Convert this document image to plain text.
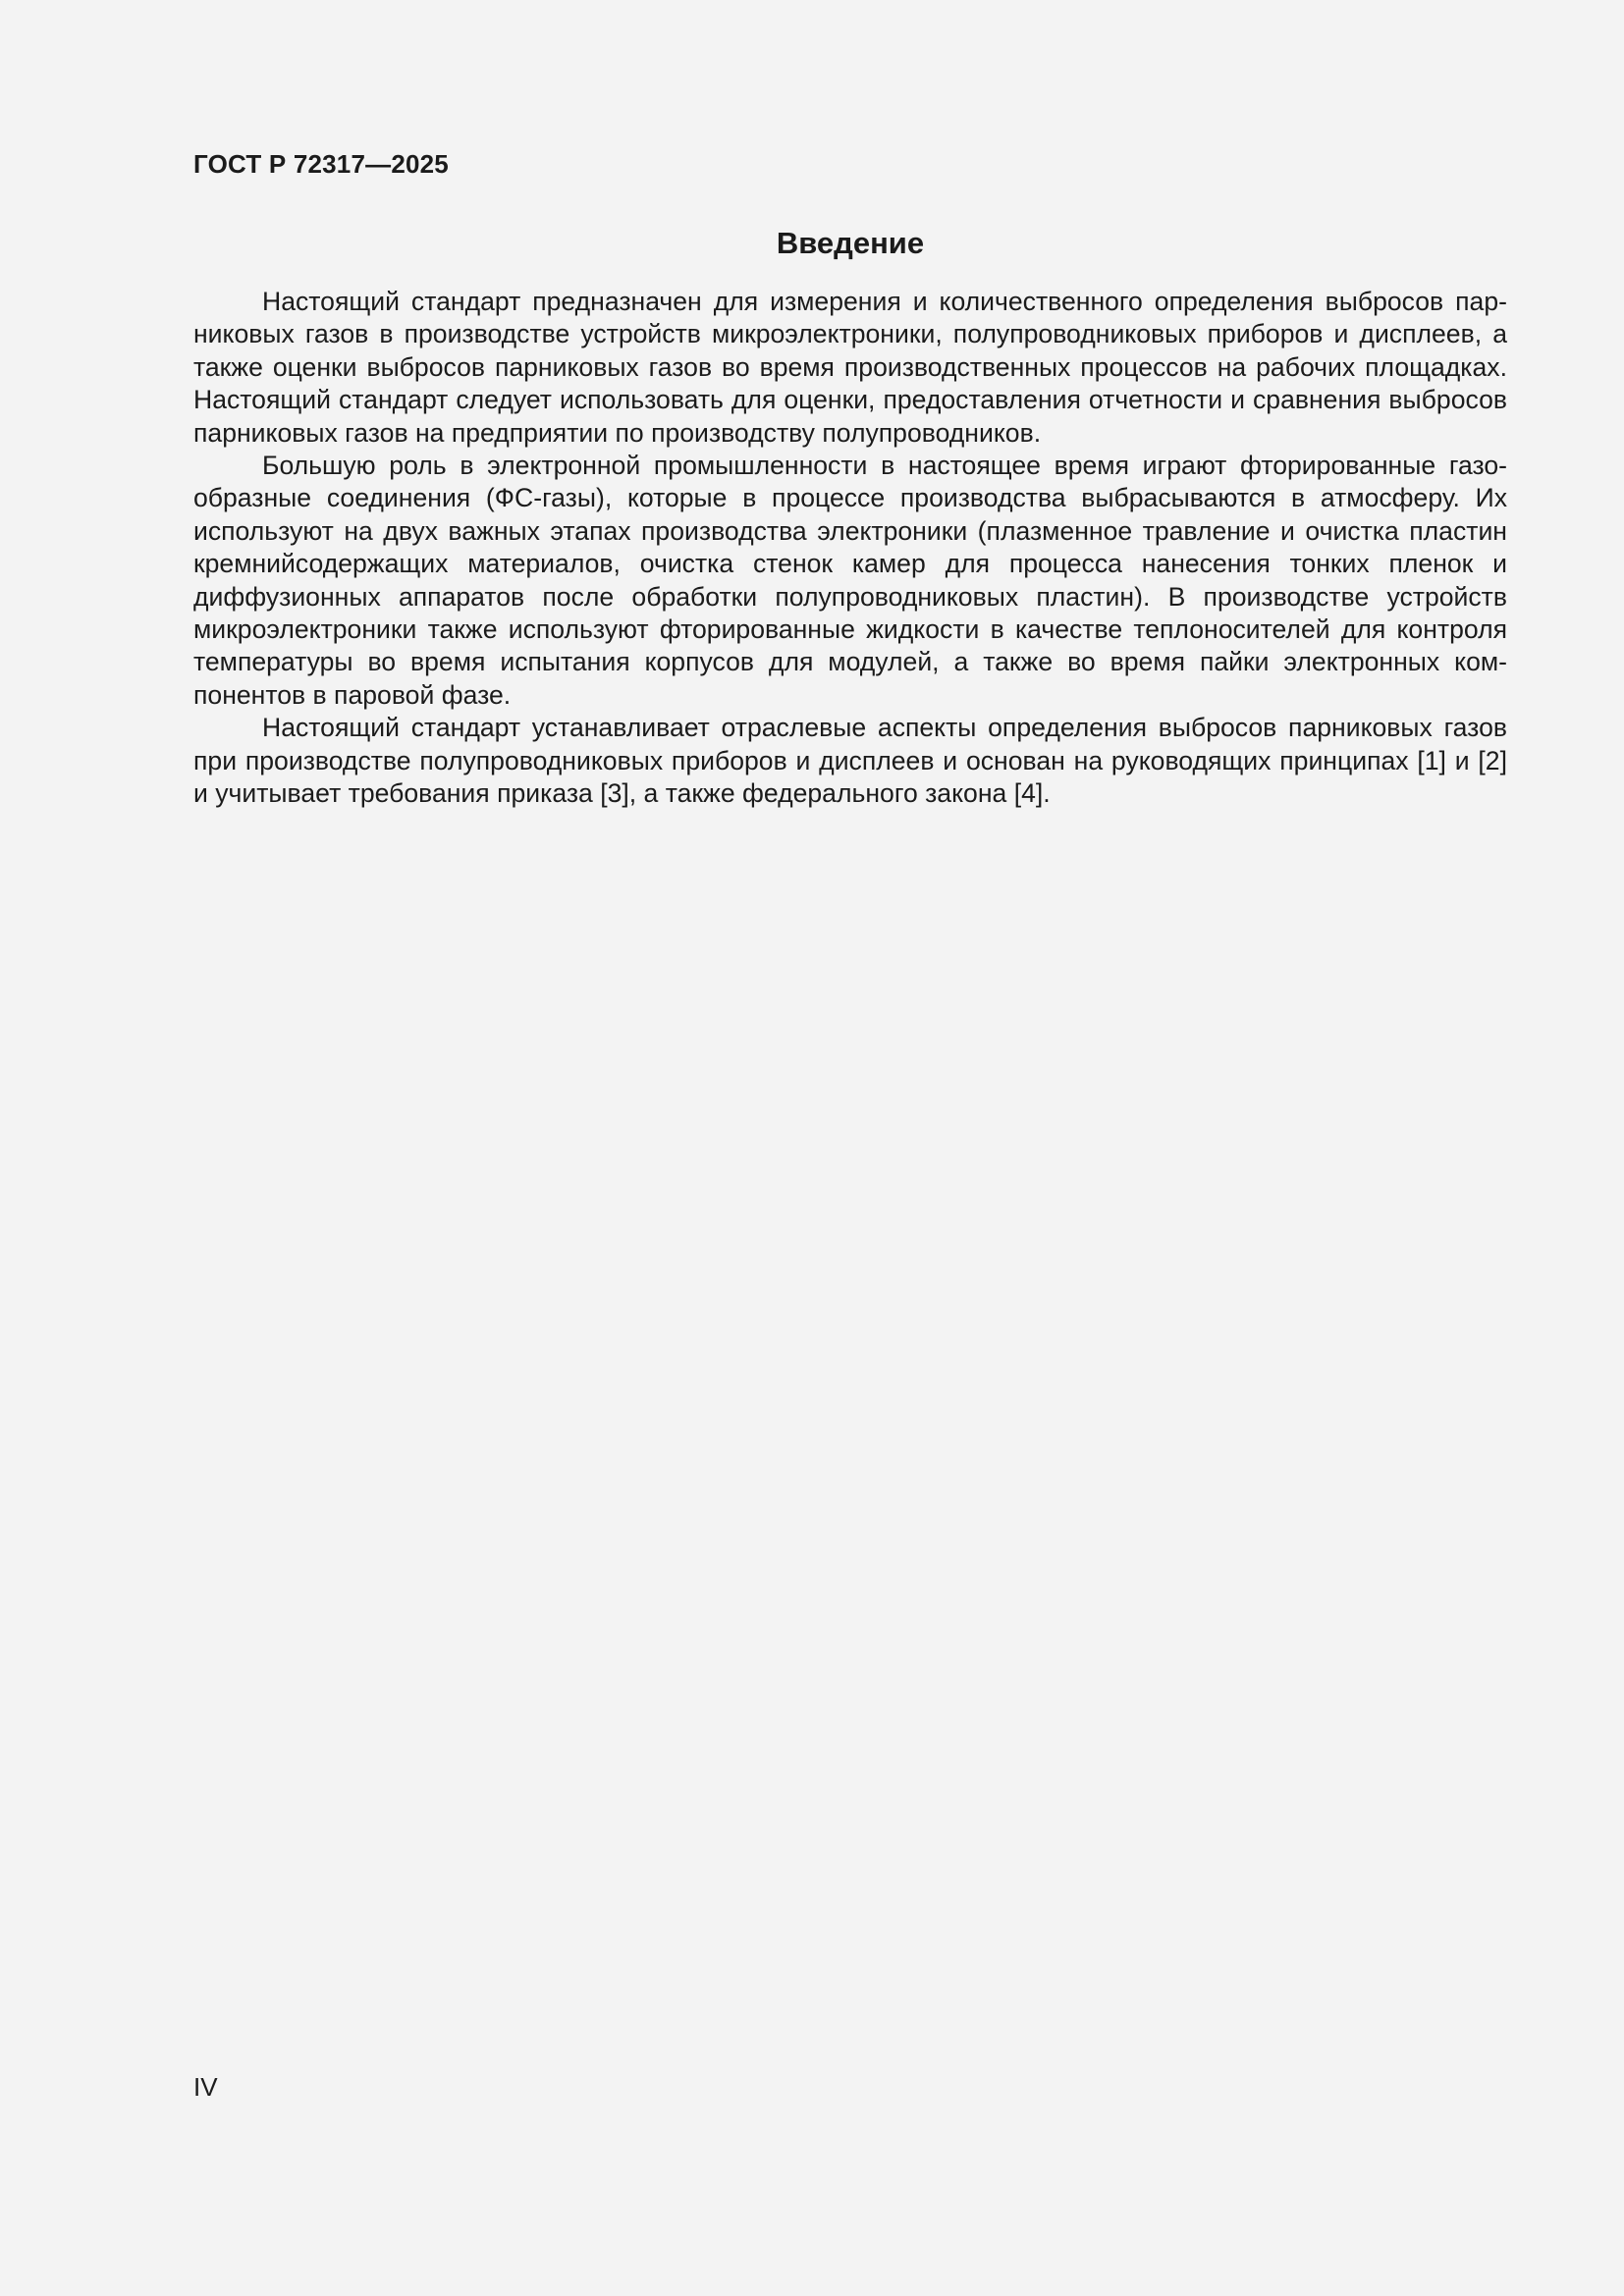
ГОСТ Р 72317—2025
Введение

Настоящий стандарт предназначен для измерения и количественного определения выбросов парниковых газов в производстве устройств микроэлектроники, полупроводниковых приборов и дисплеев, а также оценки выбросов парниковых газов во время производственных процессов на рабочих площадках. Настоящий стандарт следует использовать для оценки, предоставления отчетности и сравнения выбросов парниковых газов на предприятии по производству полупроводников.

Большую роль в электронной промышленности в настоящее время играют фторированные газообразные соединения (ФС-газы), которые в процессе производства выбрасываются в атмосферу. Их используют на двух важных этапах производства электроники (плазменное травление и очистка пластин кремнийсодержащих материалов, очистка стенок камер для процесса нанесения тонких пленок и диффузионных аппаратов после обработки полупроводниковых пластин). В производстве устройств микроэлектроники также используют фторированные жидкости в качестве теплоносителей для контроля температуры во время испытания корпусов для модулей, а также во время пайки электронных компонентов в паровой фазе.

Настоящий стандарт устанавливает отраслевые аспекты определения выбросов парниковых газов при производстве полупроводниковых приборов и дисплеев и основан на руководящих принципах [1] и [2] и учитывает требования приказа [3], а также федерального закона [4].

IV
